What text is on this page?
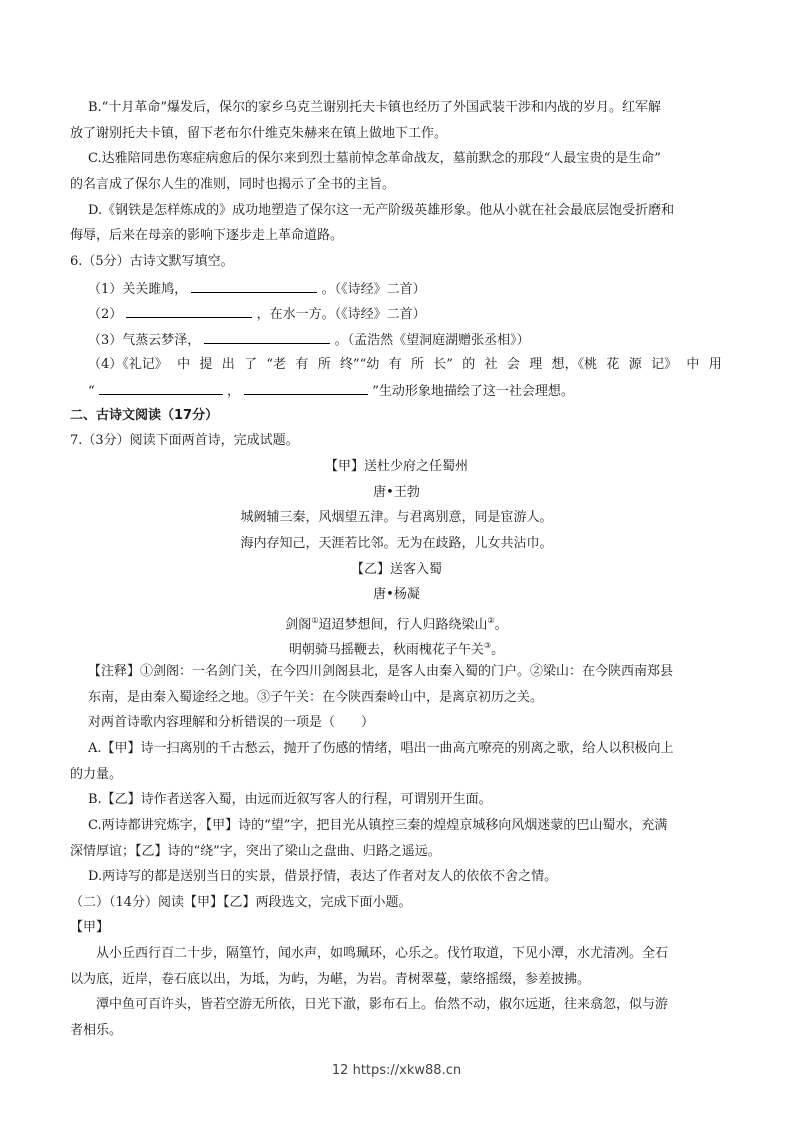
B.“十月革命”爆发后，保尔的家乡乌克兰谢别托夫卡镇也经历了外国武装干涉和内战的岁月。红军解
放了谢别托夫卡镇，留下老布尔什维克朱赫来在镇上做地下工作。
C.达雅陪同患伤寒症病愈后的保尔来到烈士墓前悼念革命战友，墓前默念的那段“人最宝贵的是生命”
的名言成了保尔人生的准则，同时也揭示了全书的主旨。
D.《钢铁是怎样炼成的》成功地塑造了保尔这一无产阶级英雄形象。他从小就在社会最底层饱受折磨和
侮辱，后来在母亲的影响下逐步走上革命道路。
6.（5分）古诗文默写填空。
（1）关关雎鸠，	。（《诗经》二首）
（2）	，在水一方。（《诗经》二首）
（3）气蒸云梦泽，	。（孟浩然《望洞庭湖赠张丞相》）
（4）《礼记》 中 提 出 了 “老 有 所 终”“幼 有 所 长” 的 社 会 理 想，《桃 花 源 记》 中 用
“	，	”生动形象地描绘了这一社会理想。
二、古诗文阅读（17分）
7.（3分）阅读下面两首诗，完成试题。
【甲】送杜少府之任蜀州
唐•王勃
城阙辅三秦，风烟望五津。与君离别意，同是宦游人。
海内存知己，天涯若比邻。无为在歧路，儿女共沾巾。
【乙】送客入蜀
唐•杨凝
剑阁①迢迢梦想间，行人归路绕梁山②。
明朝骑马摇鞭去，秋雨槐花子午关③。
【注释】①剑阁：一名剑门关，在今四川剑阁县北，是客人由秦入蜀的门户。②梁山：在今陕西南郑县
东南，是由秦入蜀途经之地。③子午关：在今陕西秦岭山中，是离京初历之关。
对两首诗歌内容理解和分析错误的一项是（　　）
A.【甲】诗一扫离别的千古愁云，抛开了伤感的情绪，唱出一曲高亢嘹亮的别离之歌，给人以积极向上
的力量。
B.【乙】诗作者送客入蜀，由远而近叙写客人的行程，可谓别开生面。
C.两诗都讲究炼字，【甲】诗的“望”字，把目光从镇控三秦的煌煌京城移向风烟迷蒙的巴山蜀水，充满
深情厚谊；【乙】诗的“绕”字，突出了梁山之盘曲、归路之遥远。
D.两诗写的都是送别当日的实景，借景抒情，表达了作者对友人的依依不舍之情。
（二）（14分）阅读【甲】【乙】两段选文，完成下面小题。
【甲】
从小丘西行百二十步，隔篁竹，闻水声，如鸣珮环，心乐之。伐竹取道，下见小潭，水尤清冽。全石
以为底，近岸，卷石底以出，为坻，为屿，为嵁，为岩。青树翠蔓，蒙络摇缀，参差披拂。
潭中鱼可百许头，皆若空游无所依，日光下澈，影布石上。佁然不动，俶尔远逝，往来翕忽，似与游
者相乐。
12 https://xkw88.cn
